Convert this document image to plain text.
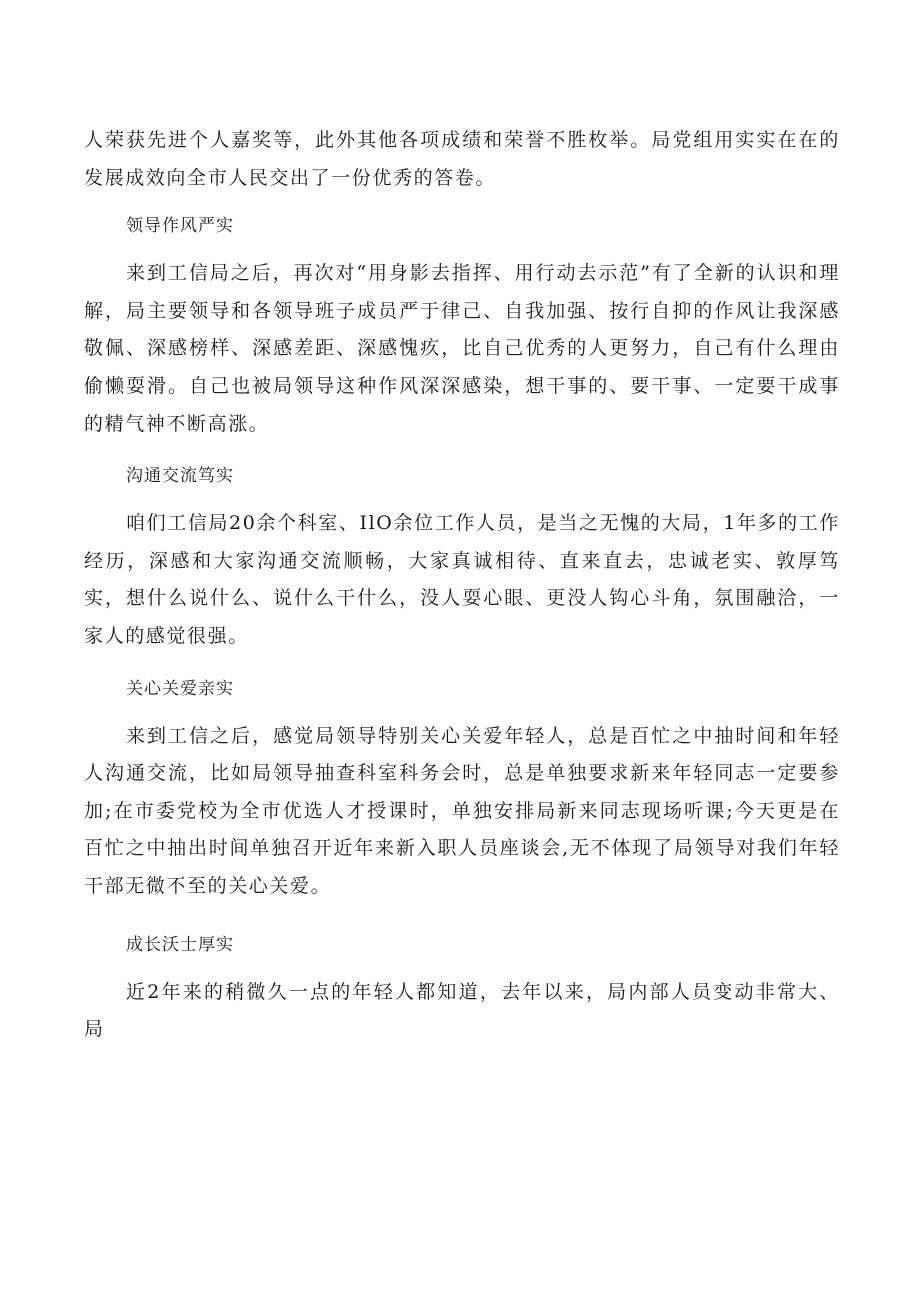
人荣获先进个人嘉奖等，此外其他各项成绩和荣誉不胜枚举。局党组用实实在在的发展成效向全市人民交出了一份优秀的答卷。

领导作风严实

来到工信局之后，再次对“用身影去指挥、用行动去示范”有了全新的认识和理解，局主要领导和各领导班子成员严于律己、自我加强、按行自抑的作风让我深感敬佩、深感榜样、深感差距、深感愧疚，比自己优秀的人更努力，自己有什么理由偷懒耍滑。自己也被局领导这种作风深深感染，想干事的、要干事、一定要干成事的精气神不断高涨。

沟通交流笃实

咱们工信局20余个科室、IlO余位工作人员，是当之无愧的大局，1年多的工作经历，深感和大家沟通交流顺畅，大家真诚相待、直来直去，忠诚老实、敦厚笃实，想什么说什么、说什么干什么，没人耍心眼、更没人钩心斗角，氛围融洽，一家人的感觉很强。

关心关爱亲实

来到工信之后，感觉局领导特别关心关爱年轻人，总是百忙之中抽时间和年轻人沟通交流，比如局领导抽查科室科务会时，总是单独要求新来年轻同志一定要参加;在市委党校为全市优选人才授课时，单独安排局新来同志现场听课;今天更是在百忙之中抽出时间单独召开近年来新入职人员座谈会,无不体现了局领导对我们年轻干部无微不至的关心关爱。

成长沃士厚实

近2年来的稍微久一点的年轻人都知道，去年以来，局内部人员变动非常大、局
